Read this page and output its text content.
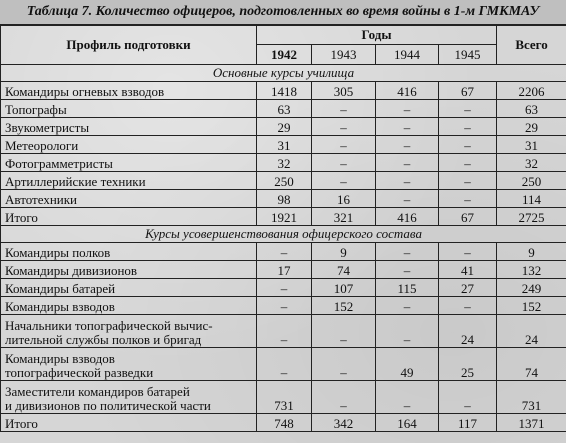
Таблица 7. Количество офицеров, подготовленных во время войны в 1-м ГМКМАУ
Профиль подготовки	Годы				Всего
	1942	1943	1944	1945	
Основные курсы училища					
Командиры огневых взводов	1418	305	416	67	2206
Топографы	63	–	–	–	63
Звукометристы	29	–	–	–	29
Метеорологи	31	–	–	–	31
Фотограмметристы	32	–	–	–	32
Артиллерийские техники	250	–	–	–	250
Автотехники	98	16	–	–	114
Итого	1921	321	416	67	2725
Курсы усовершенствования офицерского состава					
Командиры полков	–	9	–	–	9
Командиры дивизионов	17	74	–	41	132
Командиры батарей	–	107	115	27	249
Командиры взводов	–	152	–	–	152
Начальники топографической вычис-
лительной службы полков и бригад	–	–	–	24	24
Командиры взводов
топографической разведки	–	–	49	25	74
Заместители командиров батарей
и дивизионов по политической части	731	–	–	–	731
Итого	748	342	164	117	1371
